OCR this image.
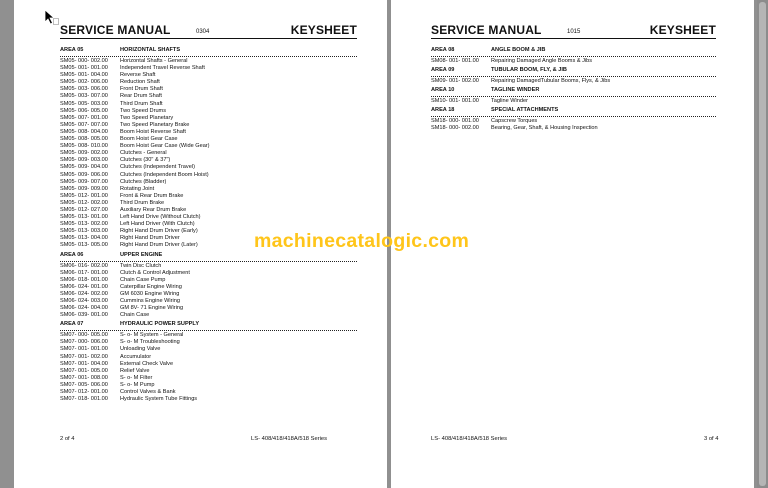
SERVICE MANUAL	0304	KEYSHEET
AREA 05	HORIZONTAL SHAFTS
SM05- 000- 002.00	Horizontal Shafts - General
SM05- 001- 001.00	Independent Travel Reverse Shaft
SM05- 001- 004.00	Reverse Shaft
SM05- 002- 006.00	Reduction Shaft
SM05- 003- 006.00	Front Drum Shaft
SM05- 003- 007.00	Rear Drum Shaft
SM05- 005- 003.00	Third Drum Shaft
SM05- 006- 005.00	Two Speed Drums
SM05- 007- 001.00	Two Speed Planetary
SM05- 007- 007.00	Two Speed Planetary Brake
SM05- 008- 004.00	Boom Hoist Reverse Shaft
SM05- 008- 005.00	Boom Hoist Gear Case
SM05- 008- 010.00	Boom Hoist Gear Case (Wide Gear)
SM05- 009- 002.00	Clutches - General
SM05- 009- 003.00	Clutches (30" & 37")
SM05- 009- 004.00	Clutches (Independent Travel)
SM05- 009- 006.00	Clutches (Independent Boom Hoist)
SM05- 009- 007.00	Clutches (Bladder)
SM05- 009- 009.00	Rotating Joint
SM05- 012- 001.00	Front & Rear Drum Brake
SM05- 012- 002.00	Third Drum Brake
SM05- 012- 027.00	Auxiliary Rear Drum Brake
SM05- 013- 001.00	Left Hand Drive (Without Clutch)
SM05- 013- 002.00	Left Hand Driver (With Clutch)
SM05- 013- 003.00	Right Hand Drum Driver (Early)
SM05- 013- 004.00	Right Hand Drum Driver
SM05- 013- 005.00	Right Hand Drum Driver (Later)
AREA 06	UPPER ENGINE
SM06- 016- 002.00	Twin Disc Clutch
SM06- 017- 001.00	Clutch & Control Adjustment
SM06- 018- 001.00	Chain Case Pump
SM06- 024- 001.00	Caterpillar Engine Wiring
SM06- 024- 002.00	GM 6030 Engine Wiring
SM06- 024- 003.00	Cummins Engine Wiring
SM06- 024- 004.00	GM 8V- 71 Engine Wiring
SM06- 039- 001.00	Chain Case
AREA 07	HYDRAULIC POWER SUPPLY
SM07- 000- 005.00	S- o- M System - General
SM07- 000- 006.00	S- o- M Troubleshooting
SM07- 001- 001.00	Unloading Valve
SM07- 001- 002.00	Accumulator
SM07- 001- 004.00	External Check Valve
SM07- 001- 005.00	Relief Valve
SM07- 001- 008.00	S- o- M Filter
SM07- 005- 006.00	S- o- M Pump
SM07- 012- 001.00	Control Valves & Bank
SM07- 018- 001.00	Hydraulic System Tube Fittings
2 of 4	LS- 408/418/418A/518 Series
SERVICE MANUAL	1015	KEYSHEET
AREA 08	ANGLE BOOM & JIB
SM08- 001- 001.00	Repairing Damaged Angle Booms & Jibs
AREA 09	TUBULAR BOOM, FLY, & JIB
SM09- 001- 002.00	Repairing DamagedTubular Booms, Flys, & Jibs
AREA 10	TAGLINE WINDER
SM10- 001- 001.00	Tagline Winder
AREA 18	SPECIAL ATTACHMENTS
SM18- 000- 001.00	Capscrew Torques
SM18- 000- 002.00	Bearing, Gear, Shaft, & Housing Inspection
LS- 408/418/418A/518 Series	3 of 4
machinecatalogic.com
